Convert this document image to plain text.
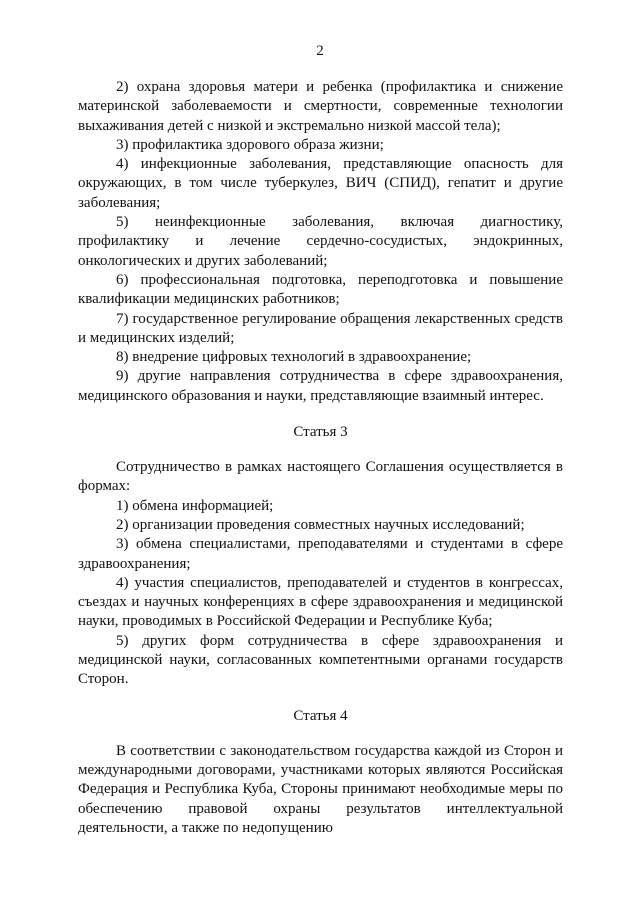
2

2) охрана здоровья матери и ребенка (профилактика и снижение материнской заболеваемости и смертности, современные технологии выхаживания детей с низкой и экстремально низкой массой тела);

3) профилактика здорового образа жизни;

4) инфекционные заболевания, представляющие опасность для окружающих, в том числе туберкулез, ВИЧ (СПИД), гепатит и другие заболевания;

5) неинфекционные заболевания, включая диагностику, профилактику и лечение сердечно-сосудистых, эндокринных, онкологических и других заболеваний;

6) профессиональная подготовка, переподготовка и повышение квалификации медицинских работников;

7) государственное регулирование обращения лекарственных средств и медицинских изделий;

8) внедрение цифровых технологий в здравоохранение;

9) другие направления сотрудничества в сфере здравоохранения, медицинского образования и науки, представляющие взаимный интерес.

Статья 3

Сотрудничество в рамках настоящего Соглашения осуществляется в формах:

1) обмена информацией;

2) организации проведения совместных научных исследований;

3) обмена специалистами, преподавателями и студентами в сфере здравоохранения;

4) участия специалистов, преподавателей и студентов в конгрессах, съездах и научных конференциях в сфере здравоохранения и медицинской науки, проводимых в Российской Федерации и Республике Куба;

5) других форм сотрудничества в сфере здравоохранения и медицинской науки, согласованных компетентными органами государств Сторон.

Статья 4

В соответствии с законодательством государства каждой из Сторон и международными договорами, участниками которых являются Российская Федерация и Республика Куба, Стороны принимают необходимые меры по обеспечению правовой охраны результатов интеллектуальной деятельности, а также по недопущению
